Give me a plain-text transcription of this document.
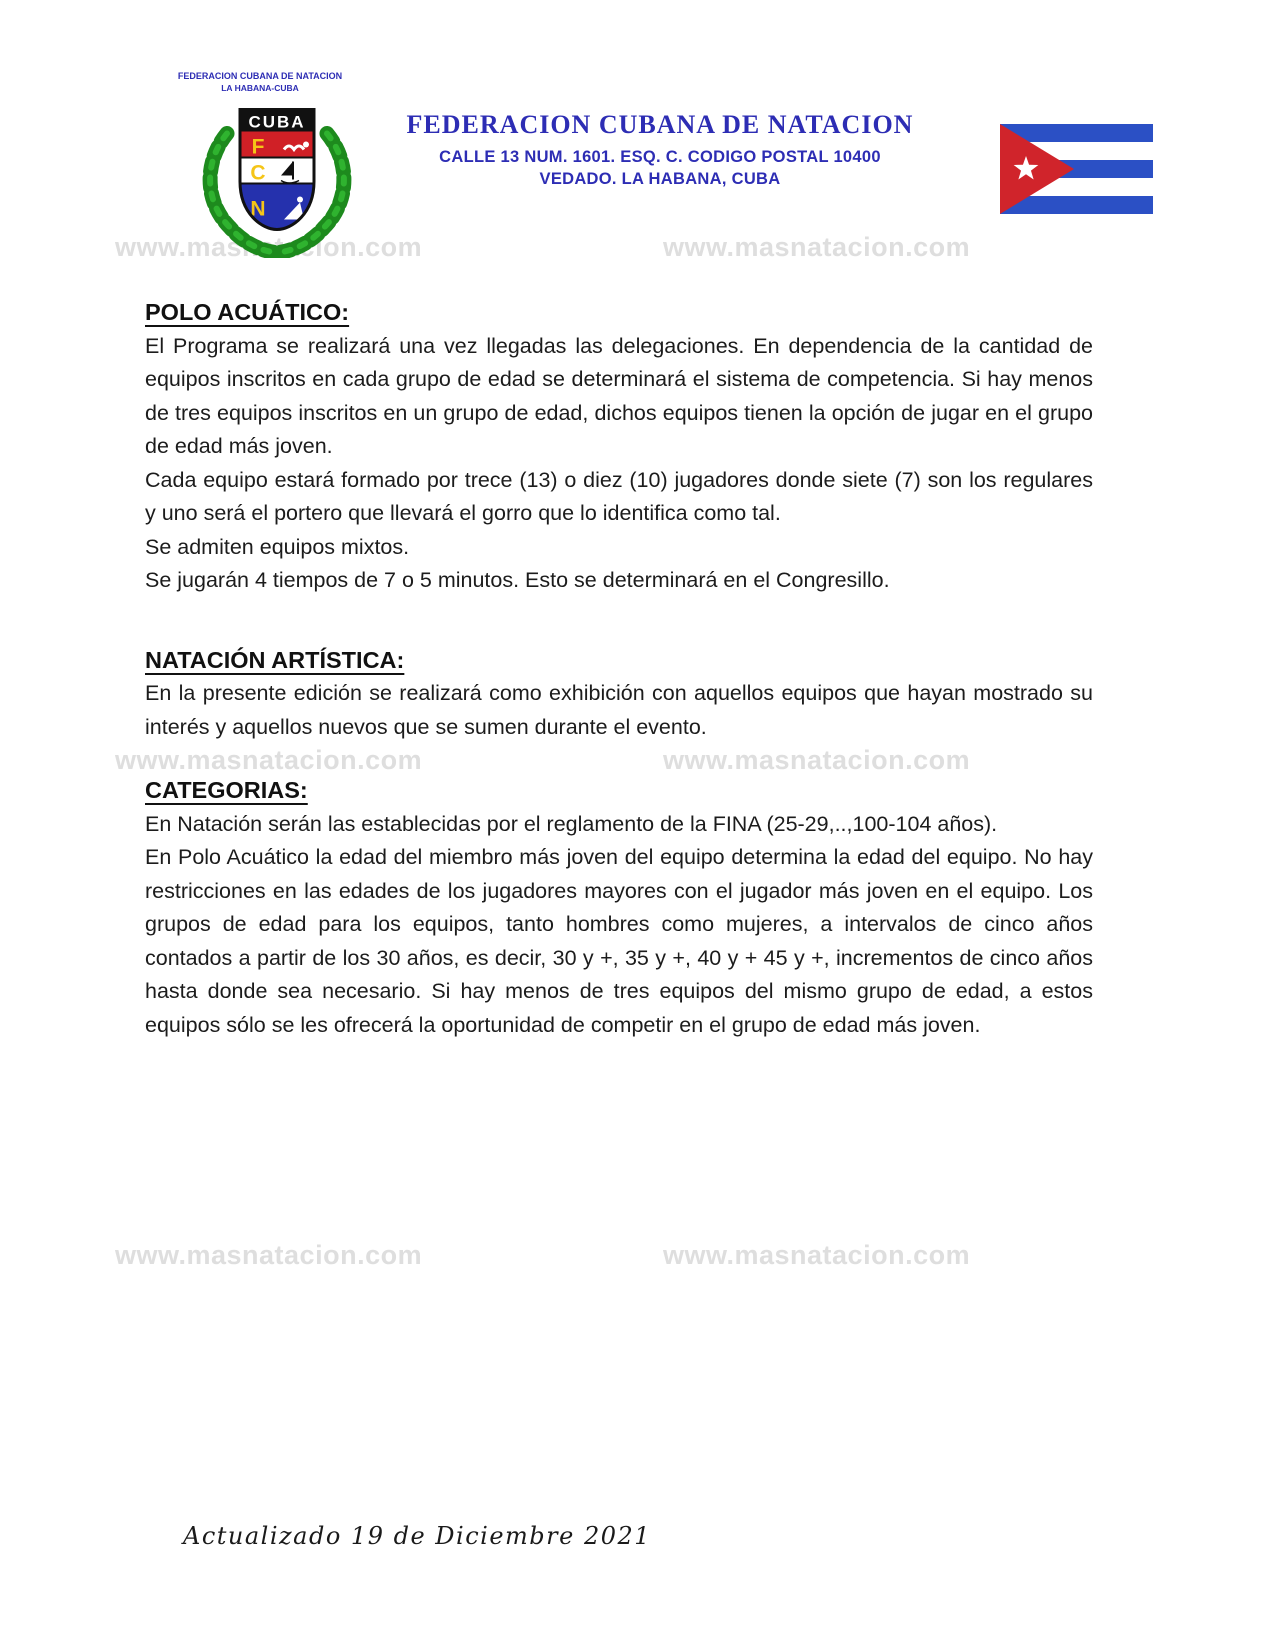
www.masnatacion.com	www.masnatacion.com
www.masnatacion.com	www.masnatacion.com
www.masnatacion.com	www.masnatacion.com
FEDERACION CUBANA DE NATACION
LA HABANA-CUBA
CUBA
F
C
N
FEDERACION CUBANA DE NATACION
CALLE 13 NUM. 1601. ESQ. C. CODIGO POSTAL 10400
VEDADO. LA HABANA, CUBA
POLO ACUÁTICO:

El Programa se realizará una vez llegadas las delegaciones. En dependencia de la cantidad de equipos inscritos en cada grupo de edad se determinará el sistema de competencia. Si hay menos de tres equipos inscritos en un grupo de edad, dichos equipos tienen la opción de jugar en el grupo de edad más joven.

Cada equipo estará formado por trece (13) o diez (10) jugadores donde siete (7) son los regulares y uno será el portero que llevará el gorro que lo identifica como tal.

Se admiten equipos mixtos.

Se jugarán 4 tiempos de 7 o 5 minutos. Esto se determinará en el Congresillo.

NATACIÓN ARTÍSTICA:

En la presente edición se realizará como exhibición con aquellos equipos que hayan mostrado su interés y aquellos nuevos que se sumen durante el evento.

CATEGORIAS:

En Natación serán las establecidas por el reglamento de la FINA (25-29,..,100-104 años).

En Polo Acuático la edad del miembro más joven del equipo determina la edad del equipo. No hay restricciones en las edades de los jugadores mayores con el jugador más joven en el equipo. Los grupos de edad para los equipos, tanto hombres como mujeres, a intervalos de cinco años contados a partir de los 30 años, es decir, 30 y +, 35 y +, 40 y + 45 y +, incrementos de cinco años hasta donde sea necesario. Si hay menos de tres equipos del mismo grupo de edad, a estos equipos sólo se les ofrecerá la oportunidad de competir en el grupo de edad más joven.

Actualizado 19 de Diciembre 2021
